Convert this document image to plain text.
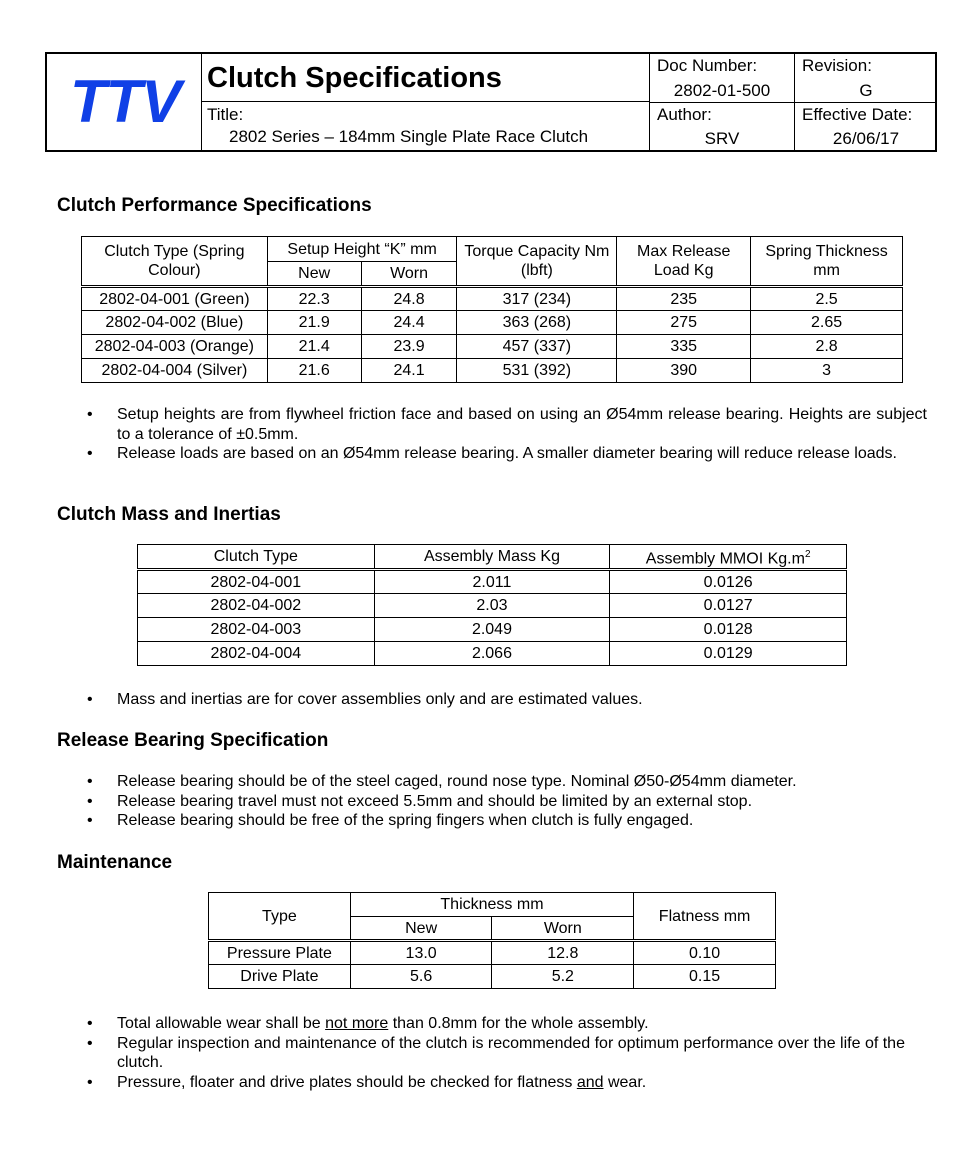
TTV Clutch Specifications
Title:
2802 Series – 184mm Single Plate Race Clutch
Doc Number:
2802-01-500
Author:
SRV
Revision:
G
Effective Date:
26/06/17
Clutch Performance Specifications
Clutch Type (Spring Colour)	Setup Height “K” mm		Torque Capacity Nm (lbft)	Max Release Load Kg	Spring Thickness mm
	New	Worn			
2802-04-001 (Green)	22.3	24.8	317 (234)	235	2.5
2802-04-002 (Blue)	21.9	24.4	363 (268)	275	2.65
2802-04-003 (Orange)	21.4	23.9	457 (337)	335	2.8
2802-04-004 (Silver)	21.6	24.1	531 (392)	390	3
• Setup heights are from flywheel friction face and based on using an Ø54mm release bearing. Heights are subject to a tolerance of ±0.5mm.
• Release loads are based on an Ø54mm release bearing. A smaller diameter bearing will reduce release loads.
Clutch Mass and Inertias
Clutch Type	Assembly Mass Kg	Assembly MMOI $Kg.m^2$
2802-04-001	2.011	0.0126
2802-04-002	2.03	0.0127
2802-04-003	2.049	0.0128
2802-04-004	2.066	0.0129
• Mass and inertias are for cover assemblies only and are estimated values.
Release Bearing Specification
• Release bearing should be of the steel caged, round nose type. Nominal Ø50-Ø54mm diameter.
• Release bearing travel must not exceed 5.5mm and should be limited by an external stop.
• Release bearing should be free of the spring fingers when clutch is fully engaged.
Maintenance
Type	Thickness mm		Flatness mm
	New	Worn	
Pressure Plate	13.0	12.8	0.10
Drive Plate	5.6	5.2	0.15
• Total allowable wear shall be not more than 0.8mm for the whole assembly.
• Regular inspection and maintenance of the clutch is recommended for optimum performance over the life of the clutch.
• Pressure, floater and drive plates should be checked for flatness and wear.
